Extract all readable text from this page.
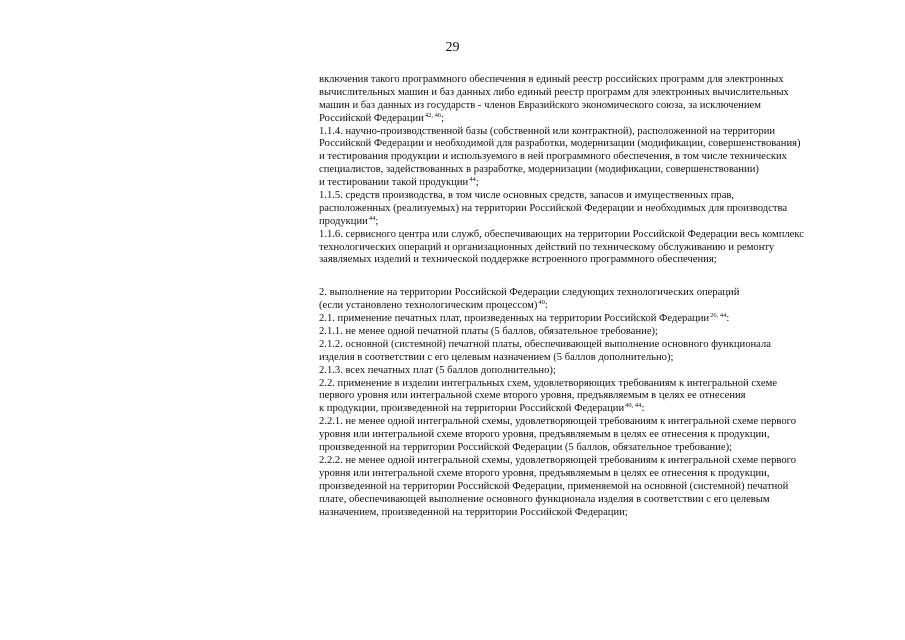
29
включения такого программного обеспечения в единый реестр российских программ для электронных
вычислительных машин и баз данных либо единый реестр программ для электронных вычислительных
машин и баз данных из государств - членов Евразийского экономического союза, за исключением
Российской Федерации$^{42, 46}$;
1.1.4. научно-производственной базы (собственной или контрактной), расположенной на территории
Российской Федерации и необходимой для разработки, модернизации (модификации, совершенствования)
и тестирования продукции и используемого в ней программного обеспечения, в том числе технических
специалистов, задействованных в разработке, модернизации (модификации, совершенствовании)
и тестировании такой продукции$^{44}$;
1.1.5. средств производства, в том числе основных средств, запасов и имущественных прав,
расположенных (реализуемых) на территории Российской Федерации и необходимых для производства
продукции$^{44}$;
1.1.6. сервисного центра или служб, обеспечивающих на территории Российской Федерации весь комплекс
технологических операций и организационных действий по техническому обслуживанию и ремонту
заявляемых изделий и технической поддержке встроенного программного обеспечения;
2. выполнение на территории Российской Федерации следующих технологических операций
(если установлено технологическим процессом)$^{40}$:
2.1. применение печатных плат, произведенных на территории Российской Федерации$^{26, 44}$:
2.1.1. не менее одной печатной платы (5 баллов, обязательное требование);
2.1.2. основной (системной) печатной платы, обеспечивающей выполнение основного функционала
изделия в соответствии с его целевым назначением (5 баллов дополнительно);
2.1.3. всех печатных плат (5 баллов дополнительно);
2.2. применение в изделии интегральных схем, удовлетворяющих требованиям к интегральной схеме
первого уровня или интегральной схеме второго уровня, предъявляемым в целях ее отнесения
к продукции, произведенной на территории Российской Федерации$^{40, 44}$:
2.2.1. не менее одной интегральной схемы, удовлетворяющей требованиям к интегральной схеме первого
уровня или интегральной схеме второго уровня, предъявляемым в целях ее отнесения к продукции,
произведенной на территории Российской Федерации (5 баллов, обязательное требование);
2.2.2. не менее одной интегральной схемы, удовлетворяющей требованиям к интегральной схеме первого
уровня или интегральной схеме второго уровня, предъявляемым в целях ее отнесения к продукции,
произведенной на территории Российской Федерации, применяемой на основной (системной) печатной
плате, обеспечивающей выполнение основного функционала изделия в соответствии с его целевым
назначением, произведенной на территории Российской Федерации;
